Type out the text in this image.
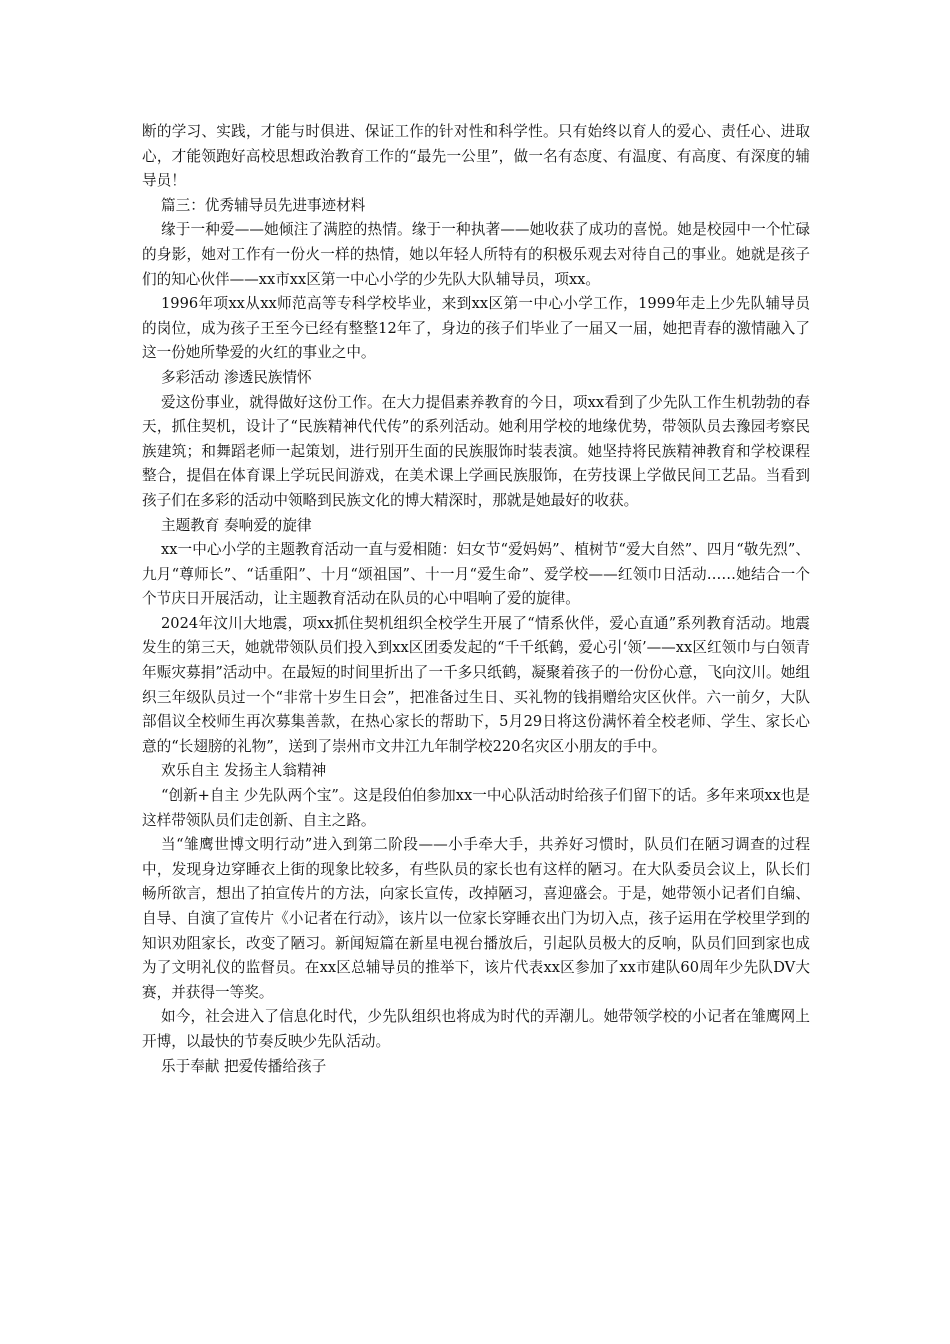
断的学习、实践，才能与时俱进、保证工作的针对性和科学性。只有始终以育人的爱心、责任心、进取心，才能领跑好高校思想政治教育工作的“最先一公里”，做一名有态度、有温度、有高度、有深度的辅导员！

篇三：优秀辅导员先进事迹材料

缘于一种爱——她倾注了满腔的热情。缘于一种执著——她收获了成功的喜悦。她是校园中一个忙碌的身影，她对工作有一份火一样的热情，她以年轻人所特有的积极乐观去对待自己的事业。她就是孩子们的知心伙伴——xx市xx区第一中心小学的少先队大队辅导员，项xx。

1996年项xx从xx师范高等专科学校毕业，来到xx区第一中心小学工作，1999年走上少先队辅导员的岗位，成为孩子王至今已经有整整12年了，身边的孩子们毕业了一届又一届，她把青春的激情融入了这一份她所挚爱的火红的事业之中。

多彩活动 渗透民族情怀

爱这份事业，就得做好这份工作。在大力提倡素养教育的今日，项xx看到了少先队工作生机勃勃的春天，抓住契机，设计了“民族精神代代传”的系列活动。她利用学校的地缘优势，带领队员去豫园考察民族建筑；和舞蹈老师一起策划，进行别开生面的民族服饰时装表演。她坚持将民族精神教育和学校课程整合，提倡在体育课上学玩民间游戏，在美术课上学画民族服饰，在劳技课上学做民间工艺品。当看到孩子们在多彩的活动中领略到民族文化的博大精深时，那就是她最好的收获。

主题教育 奏响爱的旋律

xx一中心小学的主题教育活动一直与爱相随：妇女节“爱妈妈”、植树节“爱大自然”、四月“敬先烈”、九月“尊师长”、“话重阳”、十月“颂祖国”、十一月“爱生命”、爱学校——红领巾日活动……她结合一个个节庆日开展活动，让主题教育活动在队员的心中唱响了爱的旋律。

2024年汶川大地震，项xx抓住契机组织全校学生开展了“情系伙伴，爱心直通”系列教育活动。地震发生的第三天，她就带领队员们投入到xx区团委发起的“千千纸鹤，爱心引‘领’——xx区红领巾与白领青年赈灾募捐”活动中。在最短的时间里折出了一千多只纸鹤，凝聚着孩子的一份份心意，飞向汶川。她组织三年级队员过一个“非常十岁生日会”，把准备过生日、买礼物的钱捐赠给灾区伙伴。六一前夕，大队部倡议全校师生再次募集善款，在热心家长的帮助下，5月29日将这份满怀着全校老师、学生、家长心意的“长翅膀的礼物”，送到了崇州市文井江九年制学校220名灾区小朋友的手中。

欢乐自主 发扬主人翁精神

“创新+自主 少先队两个宝”。这是段伯伯参加xx一中心队活动时给孩子们留下的话。多年来项xx也是这样带领队员们走创新、自主之路。

当“雏鹰世博文明行动”进入到第二阶段——小手牵大手，共养好习惯时，队员们在陋习调查的过程中，发现身边穿睡衣上街的现象比较多，有些队员的家长也有这样的陋习。在大队委员会议上，队长们畅所欲言，想出了拍宣传片的方法，向家长宣传，改掉陋习，喜迎盛会。于是，她带领小记者们自编、自导、自演了宣传片《小记者在行动》，该片以一位家长穿睡衣出门为切入点，孩子运用在学校里学到的知识劝阻家长，改变了陋习。新闻短篇在新星电视台播放后，引起队员极大的反响，队员们回到家也成为了文明礼仪的监督员。在xx区总辅导员的推举下，该片代表xx区参加了xx市建队60周年少先队DV大赛，并获得一等奖。

如今，社会进入了信息化时代，少先队组织也将成为时代的弄潮儿。她带领学校的小记者在雏鹰网上开博，以最快的节奏反映少先队活动。

乐于奉献 把爱传播给孩子
